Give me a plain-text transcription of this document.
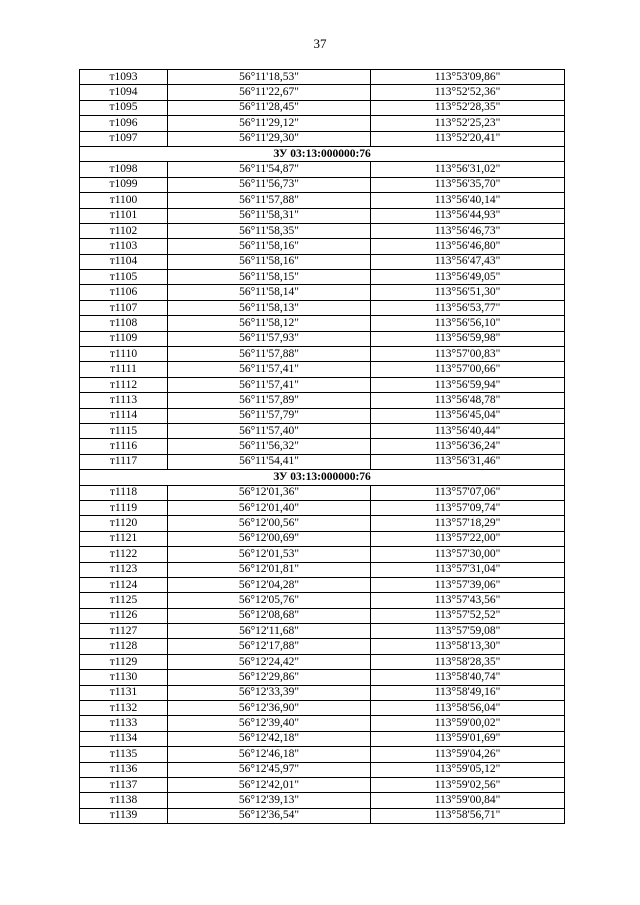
37
т1093	56°11'18,53"	113°53'09,86"
т1094	56°11'22,67"	113°52'52,36"
т1095	56°11'28,45"	113°52'28,35"
т1096	56°11'29,12"	113°52'25,23"
т1097	56°11'29,30"	113°52'20,41"
ЗУ 03:13:000000:76		
т1098	56°11'54,87"	113°56'31,02"
т1099	56°11'56,73"	113°56'35,70"
т1100	56°11'57,88"	113°56'40,14"
т1101	56°11'58,31"	113°56'44,93"
т1102	56°11'58,35"	113°56'46,73"
т1103	56°11'58,16"	113°56'46,80"
т1104	56°11'58,16"	113°56'47,43"
т1105	56°11'58,15"	113°56'49,05"
т1106	56°11'58,14"	113°56'51,30"
т1107	56°11'58,13"	113°56'53,77"
т1108	56°11'58,12"	113°56'56,10"
т1109	56°11'57,93"	113°56'59,98"
т1110	56°11'57,88"	113°57'00,83"
т1111	56°11'57,41"	113°57'00,66"
т1112	56°11'57,41"	113°56'59,94"
т1113	56°11'57,89"	113°56'48,78"
т1114	56°11'57,79"	113°56'45,04"
т1115	56°11'57,40"	113°56'40,44"
т1116	56°11'56,32"	113°56'36,24"
т1117	56°11'54,41"	113°56'31,46"
ЗУ 03:13:000000:76		
т1118	56°12'01,36"	113°57'07,06"
т1119	56°12'01,40"	113°57'09,74"
т1120	56°12'00,56"	113°57'18,29"
т1121	56°12'00,69"	113°57'22,00"
т1122	56°12'01,53"	113°57'30,00"
т1123	56°12'01,81"	113°57'31,04"
т1124	56°12'04,28"	113°57'39,06"
т1125	56°12'05,76"	113°57'43,56"
т1126	56°12'08,68"	113°57'52,52"
т1127	56°12'11,68"	113°57'59,08"
т1128	56°12'17,88"	113°58'13,30"
т1129	56°12'24,42"	113°58'28,35"
т1130	56°12'29,86"	113°58'40,74"
т1131	56°12'33,39"	113°58'49,16"
т1132	56°12'36,90"	113°58'56,04"
т1133	56°12'39,40"	113°59'00,02"
т1134	56°12'42,18"	113°59'01,69"
т1135	56°12'46,18"	113°59'04,26"
т1136	56°12'45,97"	113°59'05,12"
т1137	56°12'42,01"	113°59'02,56"
т1138	56°12'39,13"	113°59'00,84"
т1139	56°12'36,54"	113°58'56,71"
